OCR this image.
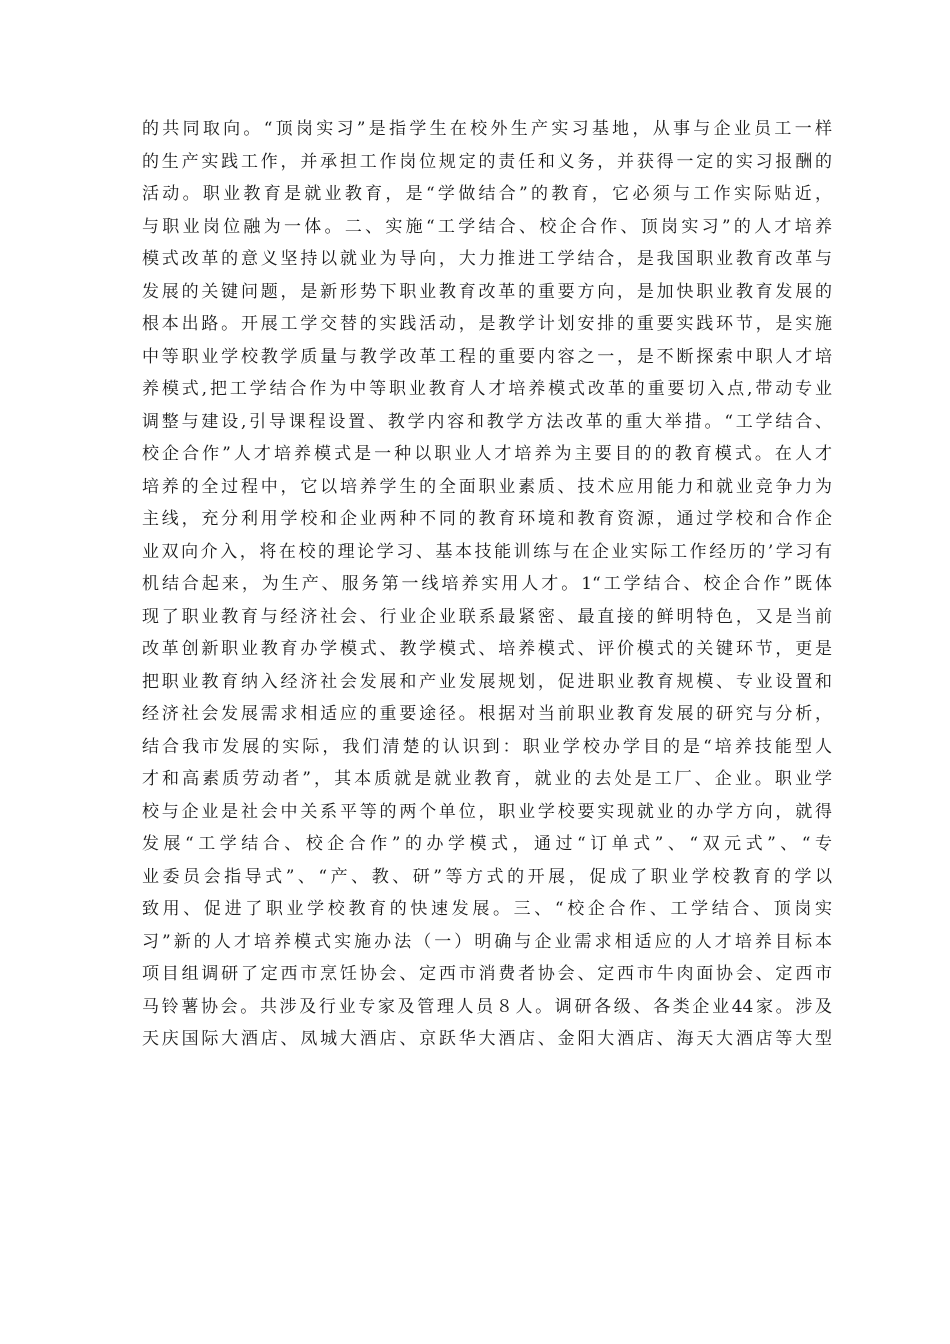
的共同取向。“顶岗实习”是指学生在校外生产实习基地，从事与企业员工一样
的生产实践工作，并承担工作岗位规定的责任和义务，并获得一定的实习报酬的
活动。职业教育是就业教育，是“学做结合”的教育，它必须与工作实际贴近，
与职业岗位融为一体。二、实施“工学结合、校企合作、顶岗实习”的人才培养
模式改革的意义坚持以就业为导向，大力推进工学结合，是我国职业教育改革与
发展的关键问题，是新形势下职业教育改革的重要方向，是加快职业教育发展的
根本出路。开展工学交替的实践活动，是教学计划安排的重要实践环节，是实施
中等职业学校教学质量与教学改革工程的重要内容之一，是不断探索中职人才培
养模式,把工学结合作为中等职业教育人才培养模式改革的重要切入点,带动专业
调整与建设,引导课程设置、教学内容和教学方法改革的重大举措。“工学结合、
校企合作”人才培养模式是一种以职业人才培养为主要目的的教育模式。在人才
培养的全过程中，它以培养学生的全面职业素质、技术应用能力和就业竞争力为
主线，充分利用学校和企业两种不同的教育环境和教育资源，通过学校和合作企
业双向介入，将在校的理论学习、基本技能训练与在企业实际工作经历的’学习有
机结合起来，为生产、服务第一线培养实用人才。1“工学结合、校企合作”既体
现了职业教育与经济社会、行业企业联系最紧密、最直接的鲜明特色，又是当前
改革创新职业教育办学模式、教学模式、培养模式、评价模式的关键环节，更是
把职业教育纳入经济社会发展和产业发展规划，促进职业教育规模、专业设置和
经济社会发展需求相适应的重要途径。根据对当前职业教育发展的研究与分析，
结合我市发展的实际，我们清楚的认识到：职业学校办学目的是“培养技能型人
才和高素质劳动者”，其本质就是就业教育，就业的去处是工厂、企业。职业学
校与企业是社会中关系平等的两个单位，职业学校要实现就业的办学方向，就得
发展“工学结合、校企合作”的办学模式，通过“订单式”、“双元式”、“专
业委员会指导式”、“产、教、研”等方式的开展，促成了职业学校教育的学以
致用、促进了职业学校教育的快速发展。三、“校企合作、工学结合、顶岗实
习”新的人才培养模式实施办法（一）明确与企业需求相适应的人才培养目标本
项目组调研了定西市烹饪协会、定西市消费者协会、定西市牛肉面协会、定西市
马铃薯协会。共涉及行业专家及管理人员８人。调研各级、各类企业44家。涉及
天庆国际大酒店、凤城大酒店、京跃华大酒店、金阳大酒店、海天大酒店等大型
